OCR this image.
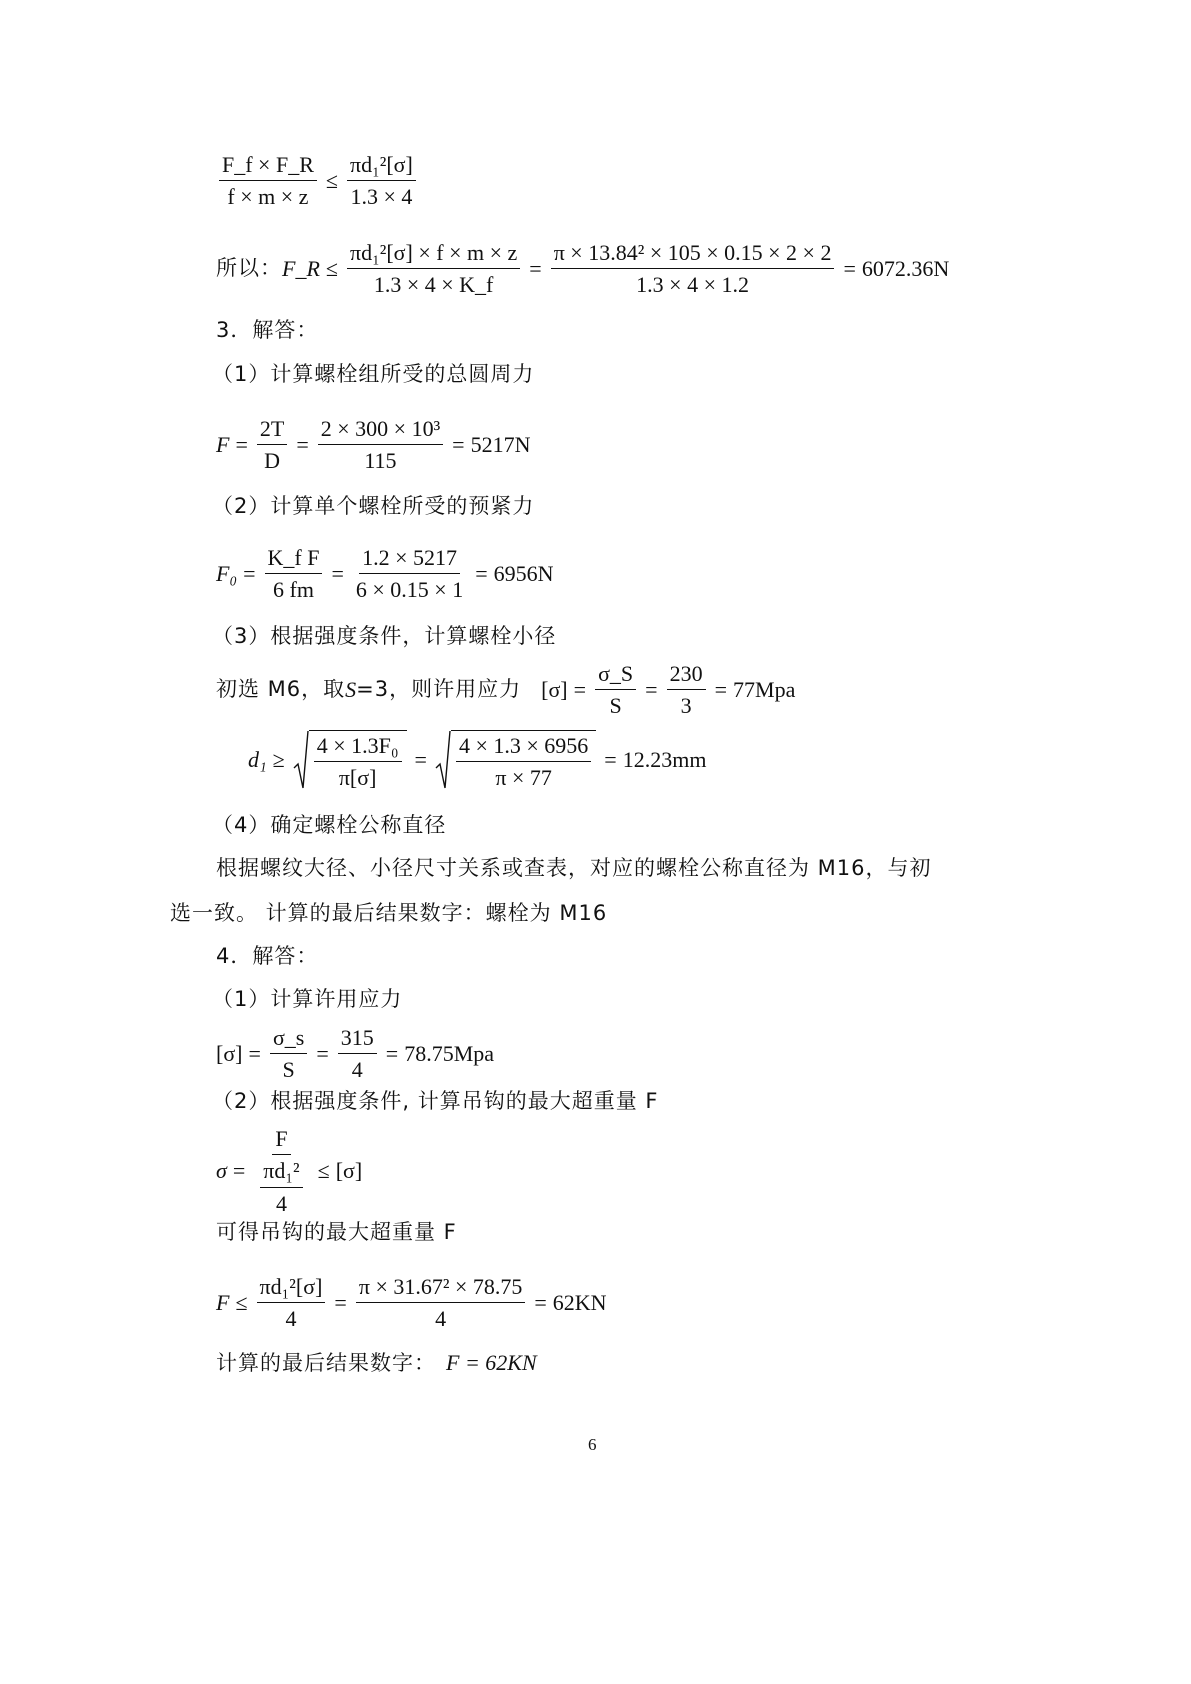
$\frac{F\_f \times F\_R}{f \times m \times z} \le \frac{\text{πd₁²[σ]}}{1.3 \times 4}$
所以： F_R ≤ $\frac{\text{πd₁²[σ] × f × m × z}}{1.3 \times 4 \times K\_f} = \frac{\text{π × 13.84² × 105 × 0.15 × 2 × 2}}{1.3 \times 4 \times 1.2} = 6072.36N$
3．解答：
（1）计算螺栓组所受的总圆周力
$F = \frac{2T}{D} = \frac{\text{2 × 300 × 10³}}{115} = 5217N$
（2）计算单个螺栓所受的预紧力
$F_0 = \frac{\text{K\_f F}}{6 fm} = \frac{1.2 \times 5217}{6 \times 0.15 \times 1} = 6956N$
（3）根据强度条件，计算螺栓小径
初选 M6，取 S =3，则许用应力 $[\sigma] = \frac{\sigma\_S}{S} = \frac{230}{3} = 77Mpa$
$d_1 \ge \frac{\text{4 × 1.3F₀}}{\pi[\sigma]} = \frac{4 \times 1.3 \times 6956}{\pi \times 77} = 12.23mm$
（4）确定螺栓公称直径
根据螺纹大径、小径尺寸关系或查表，对应的螺栓公称直径为 M16，与初
选一致。 计算的最后结果数字：螺栓为 M16
4．解答：
（1）计算许用应力
$[\sigma] = \frac{\sigma\_s}{S} = \frac{315}{4} = 78.75Mpa$
（2）根据强度条件, 计算吊钩的最大超重量 F
$\sigma = \frac{F}{\frac{\text{πd₁²}}{4}} \le [\sigma]$
可得吊钩的最大超重量 F
$F \le \frac{\text{πd₁²[σ]}}{4} = \frac{\text{π × 31.67² × 78.75}}{4} = 62KN$
计算的最后结果数字： F = 62KN
6
